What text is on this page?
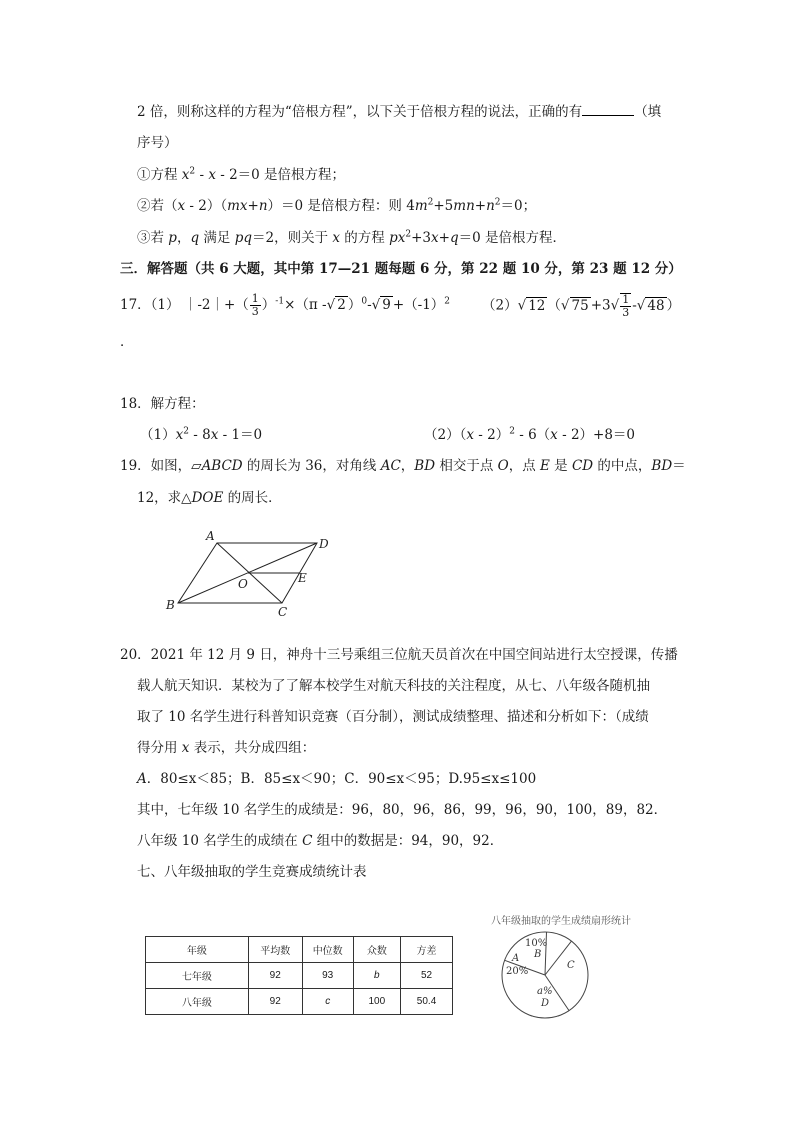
2 倍，则称这样的方程为“倍根方程”，以下关于倍根方程的说法，正确的有	（填
序号）
①方程 $x^2 - x - 2=0$ 是倍根方程；
②若（x - 2）（mx+n）＝0 是倍根方程：则 $4m^2+5mn+n^2=0$；
③若 p，q 满足 pq＝2，则关于 x 的方程 $px^2+3x+q=0$ 是倍根方程．
三．解答题（共 6 大题，其中第 17—21 题每题 6 分，第 22 题 10 分，第 23 题 12 分）
17．（1） ｜-2｜+（ $\frac{1}{3} )^{-1}\times(\pi$ -√ 2 ）$^0$-√ $9 +(-1)^2$ （2）√ 12 （√ $75 +3√ \frac{1}{3}$ -√ 48 ）
．
18．解方程：
$(1)x^2 - 8x - 1=0$	（2）（x - 2）$^2$ - 6（x - 2）+8＝0
19．如图，▱ABCD 的周长为 36，对角线 AC，BD 相交于点 O，点 E 是 CD 的中点，BD＝
12，求△DOE 的周长．
A
B	C
D
O	E
20．2021 年 12 月 9 日，神舟十三号乘组三位航天员首次在中国空间站进行太空授课，传播
载人航天知识．某校为了了解本校学生对航天科技的关注程度，从七、八年级各随机抽
取了 10 名学生进行科普知识竞赛（百分制），测试成绩整理、描述和分析如下：（成绩
得分用 x 表示，共分成四组：
A．80≤x＜85；B．85≤x＜90；C．90≤x＜95；D.95≤x≤100
其中，七年级 10 名学生的成绩是：96，80，96，86，99，96，90，100，89，82．
八年级 10 名学生的成绩在 C 组中的数据是：94，90，92．
七、八年级抽取的学生竞赛成绩统计表
年级	平均数	中位数	众数	方差
七年级	92	93	b	52
八年级	92	c	100	50.4
八年级抽取的学生成绩扇形统计
A
20%
10%
B
C
a%
D
